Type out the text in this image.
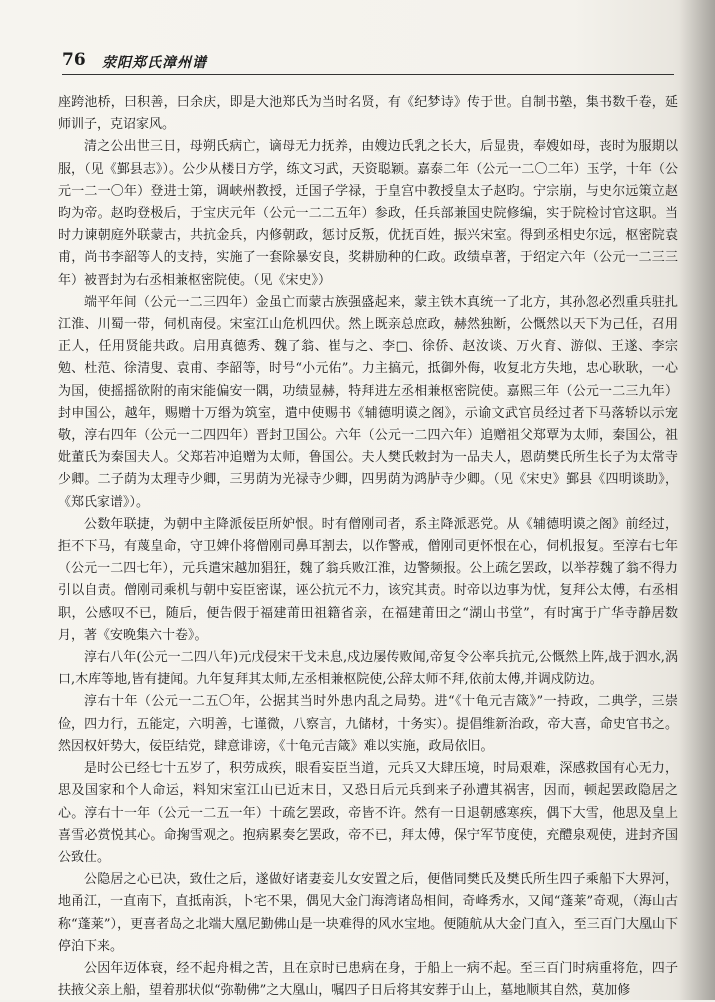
76 荥阳郑氏漳州谱

座跨池桥，曰积善，曰余庆，即是大池郑氏为当时名贤，有《纪梦诗》传于世。自制书塾，集书数千卷，延师训子，克诏家风。

清之公出世三日，母朔氏病亡，谪母无力抚养，由嫂边氏乳之长大，后显贵，奉嫂如母，丧时为服期以服，（见《鄞县志》）。公少从楼日方学，练文习武，天资聪颖。嘉泰二年（公元一二〇二年）玉学，十年（公元一二一〇年）登进士第，调峡州教授，迁国子学禄，于皇宫中教授皇太子赵昀。宁宗崩，与史尔远策立赵昀为帝。赵昀登极后，于宝庆元年（公元一二二五年）参政，任兵部兼国史院修编，实于院检讨官这职。当时力谏朝庭外联蒙古，共抗金兵，内修朝政，惩讨反叛，优抚百姓，振兴宋室。得到丞相史尔远，枢密院袁甫，尚书李韶等人的支持，实施了一套除暴安良，奖耕励种的仁政。政绩卓著，于绍定六年（公元一二三三年）被晋封为右丞相兼枢密院使。（见《宋史》）

端平年间（公元一二三四年）金虽亡而蒙古族强盛起来，蒙主铁木真统一了北方，其孙忽必烈重兵驻扎江淮、川蜀一带，伺机南侵。宋室江山危机四伏。然上既亲总庶政，赫然独断，公慨然以天下为己任，召用正人，任用贤能共政。启用真德秀、魏了翁、崔与之、李□、徐侨、赵汝谈、万火育、游似、王遂、李宗勉、杜范、徐清叟、袁甫、李韶等，时号“小元佑”。力主搞元，抵御外侮，收复北方失地，忠心耿耿，一心为国，使摇摇欲附的南宋能偏安一隅，功绩显赫，特拜进左丞相兼枢密院使。嘉熙三年（公元一二三九年）封申国公，越年，赐赠十万缗为筑室，遣中使赐书《辅德明谟之阁》，示谕文武官员经过者下马落轿以示宠敬，淳右四年（公元一二四四年）晋封卫国公。六年（公元一二四六年）追赠祖父郑覃为太师，秦国公，祖妣董氏为秦国夫人。父郑若冲追赠为太师，鲁国公。夫人樊氏敕封为一品夫人，恩荫樊氏所生长子为太常寺少卿。二子荫为太理寺少卿，三男荫为光禄寺少卿，四男荫为鸿胪寺少卿。（见《宋史》鄞县《四明谈助》，《郑氏家谱》）。

公数年联捷，为朝中主降派佞臣所妒恨。时有僧刚司者，系主降派恶党。从《辅德明谟之阁》前经过，拒不下马，有蔑皇命，守卫婢仆将僧刚司鼻耳割去，以作警戒，僧刚司更怀恨在心，伺机报复。至淳右七年（公元一二四七年），元兵遣宋越加猖狂，魏了翁兵败江淮，边警频报。公上疏乞罢政，以举荐魏了翁不得力引以自责。僧刚司乘机与朝中妄臣密谋，诬公抗元不力，该究其责。时帝以边事为忧，复拜公太傅，右丞相职，公感叹不已，随后，便告假于福建莆田祖籍省亲，在福建莆田之“湖山书堂”，有时寓于广华寺静居数月，著《安晚集六十卷》。

淳右八年(公元一二四八年)元戊侵宋干戈未息,戍边屡传败闻,帝复令公率兵抗元,公慨然上阵,战于泗水,涡口,木库等地,皆有捷闻。九年复拜其太师,左丞相兼枢院使,公辞太师不拜,依前太傅,并调戍防边。

淳右十年（公元一二五〇年，公据其当时外患内乱之局势。进“《十龟元吉箴》”一持政，二典学，三崇俭，四力行，五能定，六明善，七谨微，八察言，九储材，十务实）。提倡维新治政，帝大喜，命史官书之。然因权奸势大，佞臣结党，肆意诽谤，《十龟元吉箴》难以实施，政局依旧。

是时公已经七十五岁了，积劳成疾，眼看妄臣当道，元兵又大肆压境，时局艰难，深感救国有心无力，思及国家和个人命运，料知宋室江山已近末日，又恐日后元兵到来子孙遭其祸害，因而，顿起罢政隐居之心。淳右十一年（公元一二五一年）十疏乞罢政，帝皆不许。然有一日退朝感寒疾，偶下大雪，他思及皇上喜雪必赏悦其心。命掬雪观之。抱病累奏乞罢政，帝不已，拜太傅，保宁军节度使，充醴泉观使，进封齐国公致仕。

公隐居之心已决，致仕之后，遂做好诸妻妾儿女安置之后，便偕同樊氏及樊氏所生四子乘船下大界河，地甬江，一直南下，直抵南浜，卜宅不果，偶见大金门海湾诸岛相间，奇峰秀水，又闻“蓬莱”奇观，（海山古称“蓬莱”），更喜者岛之北端大凰尼勤佛山是一块难得的风水宝地。便随航从大金门直入，至三百门大凰山下停泊下来。

公因年迈体衰，经不起舟楫之苦，且在京时已患病在身，于船上一病不起。至三百门时病重将危，四子扶掖父亲上船，望着那状似“弥勒佛”之大凰山，嘱四子日后将其安葬于山上，墓地顺其自然，莫加修
